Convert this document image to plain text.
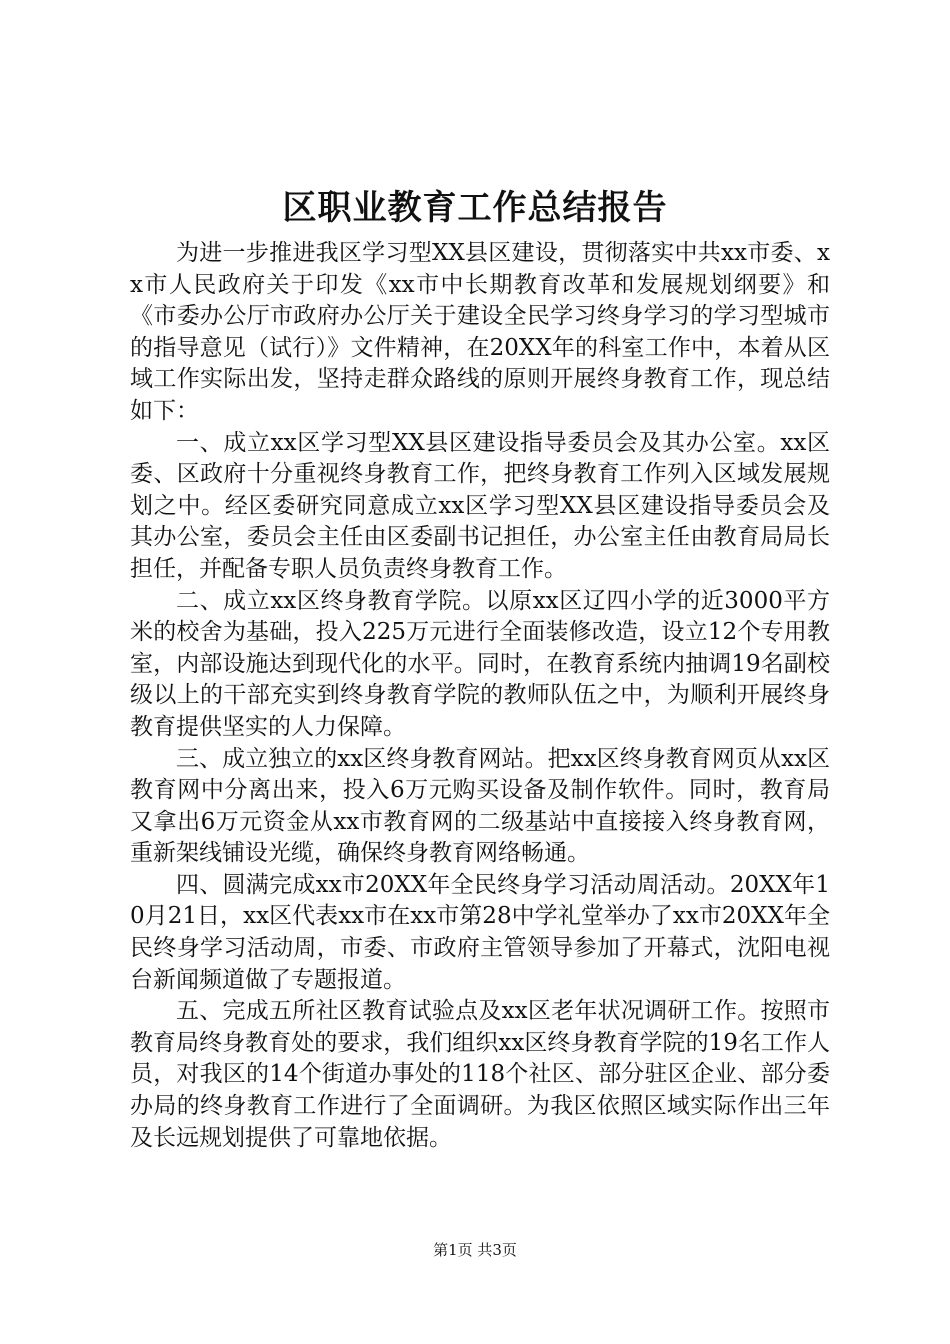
区职业教育工作总结报告

为进一步推进我区学习型XX县区建设，贯彻落实中共xx市委、xx市人民政府关于印发《xx市中长期教育改革和发展规划纲要》和《市委办公厅市政府办公厅关于建设全民学习终身学习的学习型城市的指导意见（试行）》文件精神，在20XX年的科室工作中，本着从区域工作实际出发，坚持走群众路线的原则开展终身教育工作，现总结如下：

一、成立xx区学习型XX县区建设指导委员会及其办公室。xx区委、区政府十分重视终身教育工作，把终身教育工作列入区域发展规划之中。经区委研究同意成立xx区学习型XX县区建设指导委员会及其办公室，委员会主任由区委副书记担任，办公室主任由教育局局长担任，并配备专职人员负责终身教育工作。

二、成立xx区终身教育学院。以原xx区辽四小学的近3000平方米的校舍为基础，投入225万元进行全面装修改造，设立12个专用教室，内部设施达到现代化的水平。同时，在教育系统内抽调19名副校级以上的干部充实到终身教育学院的教师队伍之中，为顺利开展终身教育提供坚实的人力保障。

三、成立独立的xx区终身教育网站。把xx区终身教育网页从xx区教育网中分离出来，投入6万元购买设备及制作软件。同时，教育局又拿出6万元资金从xx市教育网的二级基站中直接接入终身教育网，重新架线铺设光缆，确保终身教育网络畅通。

四、圆满完成xx市20XX年全民终身学习活动周活动。20XX年10月21日，xx区代表xx市在xx市第28中学礼堂举办了xx市20XX年全民终身学习活动周，市委、市政府主管领导参加了开幕式，沈阳电视台新闻频道做了专题报道。

五、完成五所社区教育试验点及xx区老年状况调研工作。按照市教育局终身教育处的要求，我们组织xx区终身教育学院的19名工作人员，对我区的14个街道办事处的118个社区、部分驻区企业、部分委办局的终身教育工作进行了全面调研。为我区依照区域实际作出三年及长远规划提供了可靠地依据。

第1页 共3页
